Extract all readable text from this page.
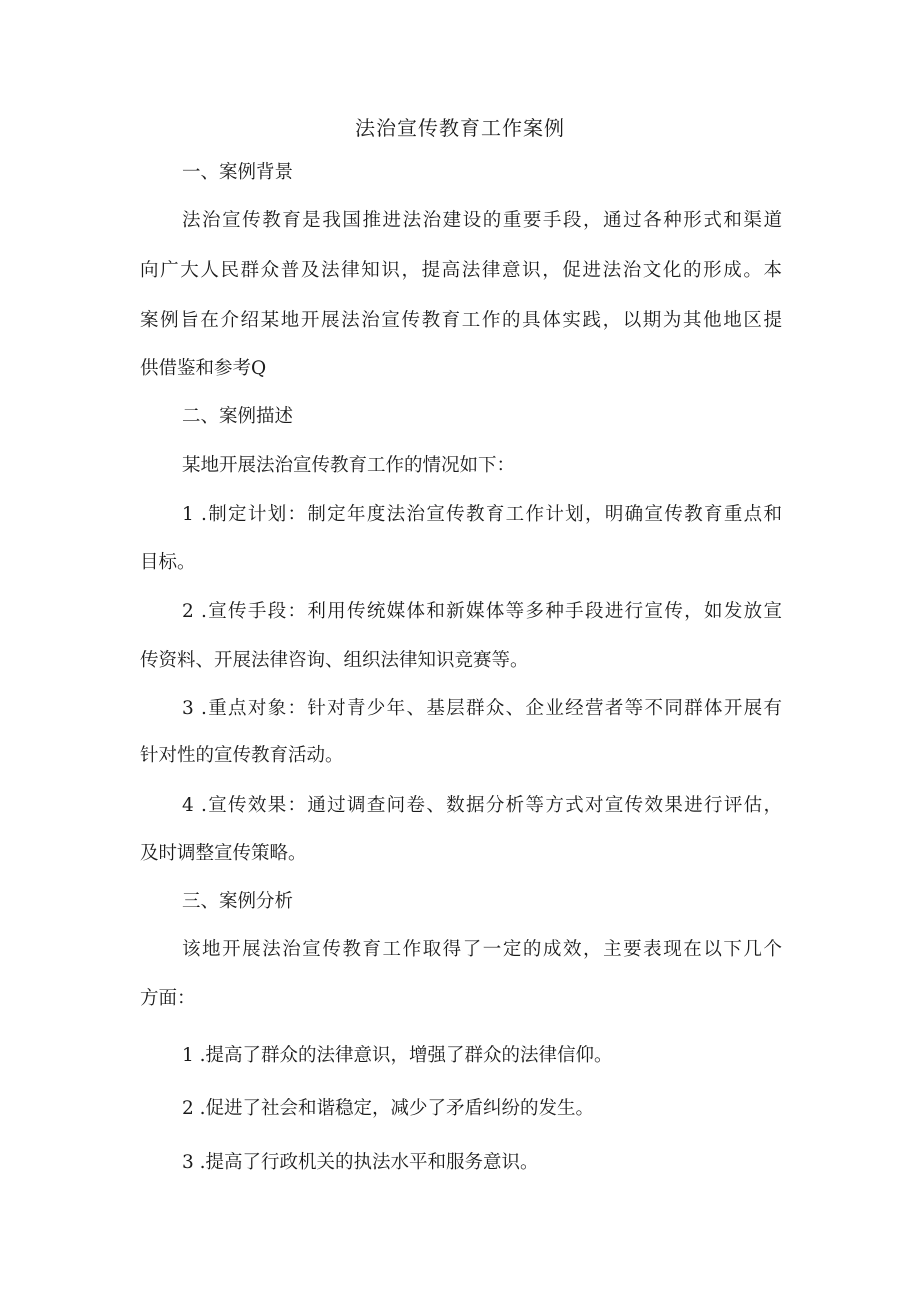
法治宣传教育工作案例
一、案例背景
法治宣传教育是我国推进法治建设的重要手段，通过各种形式和渠道
向广大人民群众普及法律知识，提高法律意识，促进法治文化的形成。本
案例旨在介绍某地开展法治宣传教育工作的具体实践，以期为其他地区提
供借鉴和参考Q
二、案例描述
某地开展法治宣传教育工作的情况如下：
1 .制定计划：制定年度法治宣传教育工作计划，明确宣传教育重点和
目标。
2 .宣传手段：利用传统媒体和新媒体等多种手段进行宣传，如发放宣
传资料、开展法律咨询、组织法律知识竞赛等。
3 .重点对象：针对青少年、基层群众、企业经营者等不同群体开展有
针对性的宣传教育活动。
4 .宣传效果：通过调查问卷、数据分析等方式对宣传效果进行评估，
及时调整宣传策略。
三、案例分析
该地开展法治宣传教育工作取得了一定的成效，主要表现在以下几个
方面：
1 .提高了群众的法律意识，增强了群众的法律信仰。
2 .促进了社会和谐稳定，减少了矛盾纠纷的发生。
3 .提高了行政机关的执法水平和服务意识。
